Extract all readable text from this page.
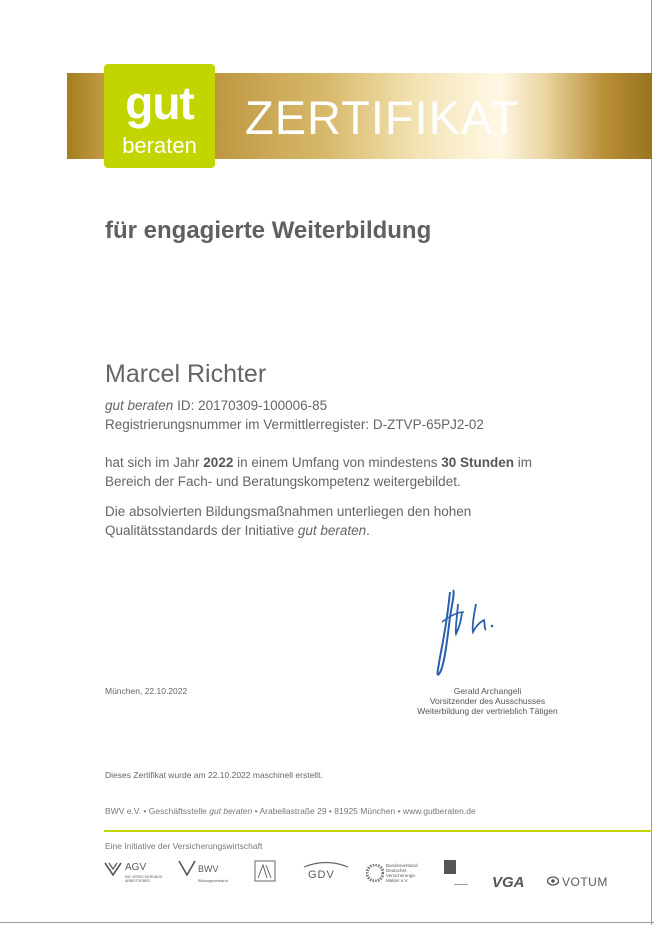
gut
beraten
ZERTIFIKAT
für engagierte Weiterbildung
Marcel Richter
gut beraten ID: 20170309-100006-85
Registrierungsnummer im Vermittlerregister: D-ZTVP-65PJ2-02
hat sich im Jahr 2022 in einem Umfang von mindestens 30 Stunden im
Bereich der Fach- und Beratungskompetenz weitergebildet.
Die absolvierten Bildungsmaßnahmen unterliegen den hohen
Qualitätsstandards der Initiative gut beraten.
München, 22.10.2022	Gerald Archangeli
Vorsitzender des Ausschusses
Weiterbildung der vertrieblich Tätigen
Dieses Zertifikat wurde am 22.10.2022 maschinell erstellt.
BWV e.V. • Geschäftsstelle gut beraten • Arabellastraße 29 • 81925 München • www.gutberaten.de
Eine Initiative der Versicherungswirtschaft
AGV
DIE VERSICHERUNGS ARBEITGEBER
BWV
Bildungsverband	GDV
Bundesverband
Deutscher
Versicherungs-
Makler e.V.	VGA	VOTUM
